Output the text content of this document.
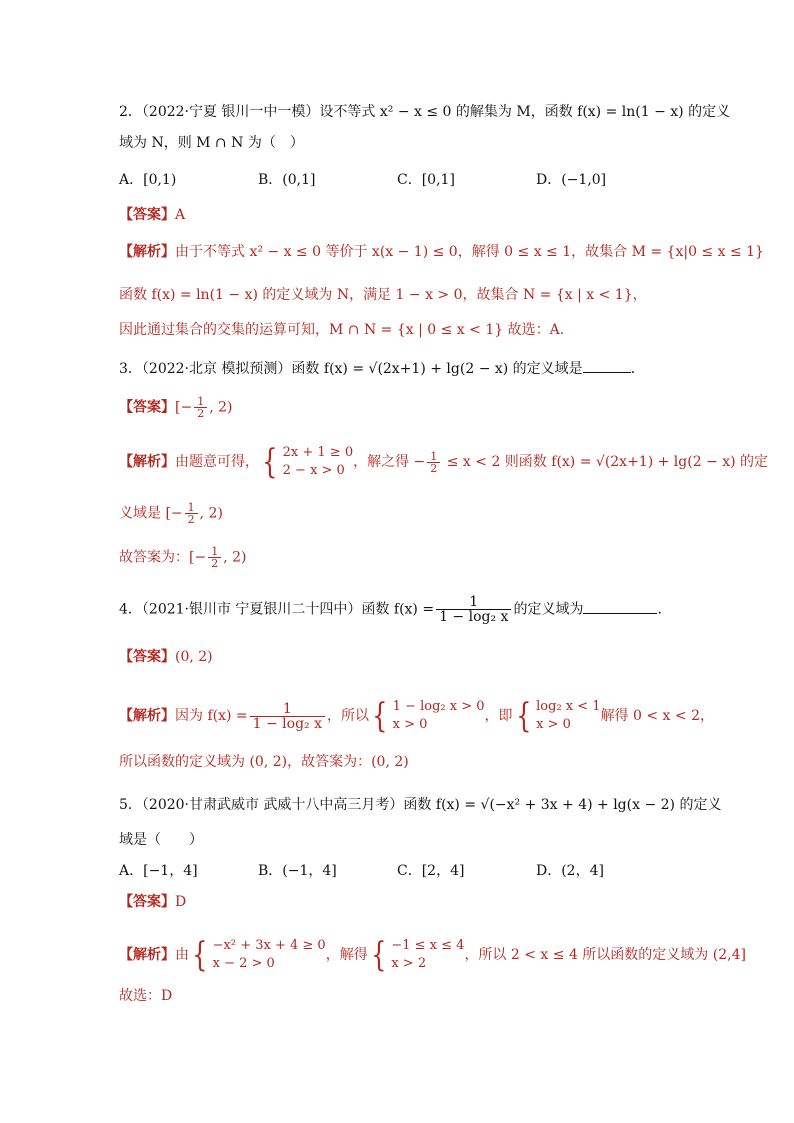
2．（2022·宁夏 银川一中一模）设不等式 x² − x ≤ 0 的解集为 M，函数 f(x) = ln(1 − x) 的定义
域为 N，则 M ∩ N 为（　）
A．[0,1)	B．(0,1]	C．[0,1]	D．(−1,0]
【答案】A
【解析】由于不等式 x² − x ≤ 0 等价于 x(x − 1) ≤ 0，解得 0 ≤ x ≤ 1，故集合 M = {x|0 ≤ x ≤ 1}
函数 f(x) = ln(1 − x) 的定义域为 N，满足 1 − x > 0，故集合 N = {x | x < 1}，
因此通过集合的交集的运算可知，M ∩ N = {x | 0 ≤ x < 1} 故选：A.
3．（2022·北京 模拟预测）函数 f(x) = √(2x+1) + lg(2 − x) 的定义域是	．
【答案】[− $\frac{1}{2}$ , 2)
【解析】由题意可得， { 2x + 1 ≥ 0
2 − x > 0
，解之得 − $\frac{1}{2} \le x < 2$ 则函数 f(x) = √(2x+1) + lg(2 − x) 的定
义域是 [− $\frac{1}{2}$ , 2)
故答案为：[− $\frac{1}{2}$ , 2)
4．（2021·银川市 宁夏银川二十四中）函数 $f(x) = \frac{1}{\text{1 − log₂ x}}$ 的定义域为	.
【答案】(0, 2)
【解析】因为 $f(x) = \frac{1}{\text{1 − log₂ x}}$ ，所以 { 1 − log₂ x > 0
x > 0
，即 { log₂ x < 1
x > 0
解得 0 < x < 2，
所以函数的定义域为 (0, 2)，故答案为：(0, 2)
5．（2020·甘肃武威市 武威十八中高三月考）函数 f(x) = √(−x² + 3x + 4) + lg(x − 2) 的定义
域是（　　）
A．[−1，4]	B．(−1，4]	C．[2，4]	D．(2，4]
【答案】D
【解析】由 { −x² + 3x + 4 ≥ 0
x − 2 > 0
，解得 { −1 ≤ x ≤ 4
x > 2
，所以 2 < x ≤ 4 所以函数的定义域为 (2,4]
故选：D
